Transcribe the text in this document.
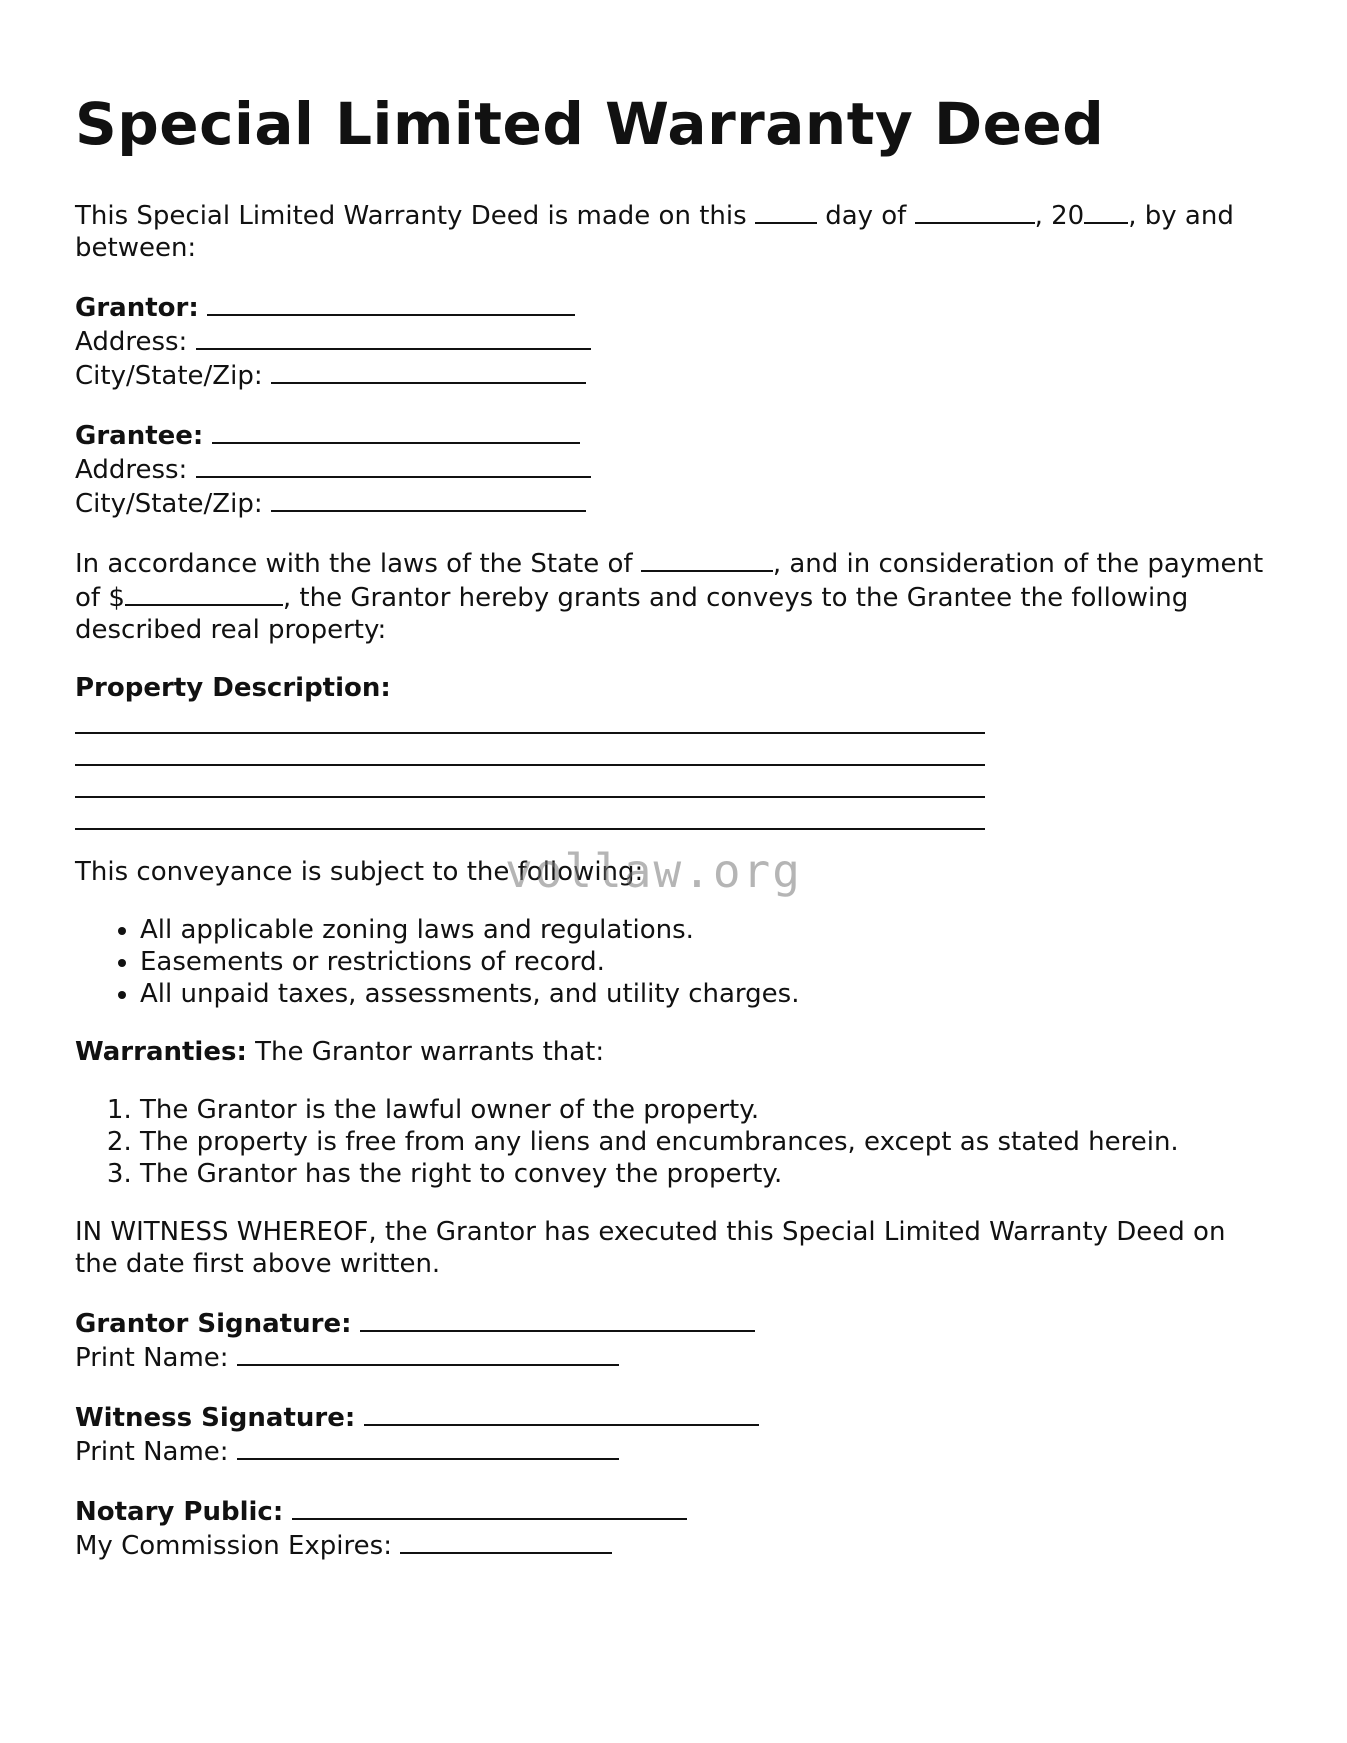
Special Limited Warranty Deed

This Special Limited Warranty Deed is made on this	day of	, 20 , by and between:

Grantor:
Address:
City/State/Zip:
Grantee:
Address:
City/State/Zip:

In accordance with the laws of the State of	, and in consideration of the payment of $	, the Grantor hereby grants and conveys to the Grantee the following described real property:

Property Description:

This conveyance is subject to the following:

• All applicable zoning laws and regulations.
• Easements or restrictions of record.
• All unpaid taxes, assessments, and utility charges.

Warranties: The Grantor warrants that:

1. The Grantor is the lawful owner of the property.
2. The property is free from any liens and encumbrances, except as stated herein.
3. The Grantor has the right to convey the property.

IN WITNESS WHEREOF, the Grantor has executed this Special Limited Warranty Deed on the date first above written.

Grantor Signature:
Print Name:
Witness Signature:
Print Name:
Notary Public:
My Commission Expires:
vollaw.org
